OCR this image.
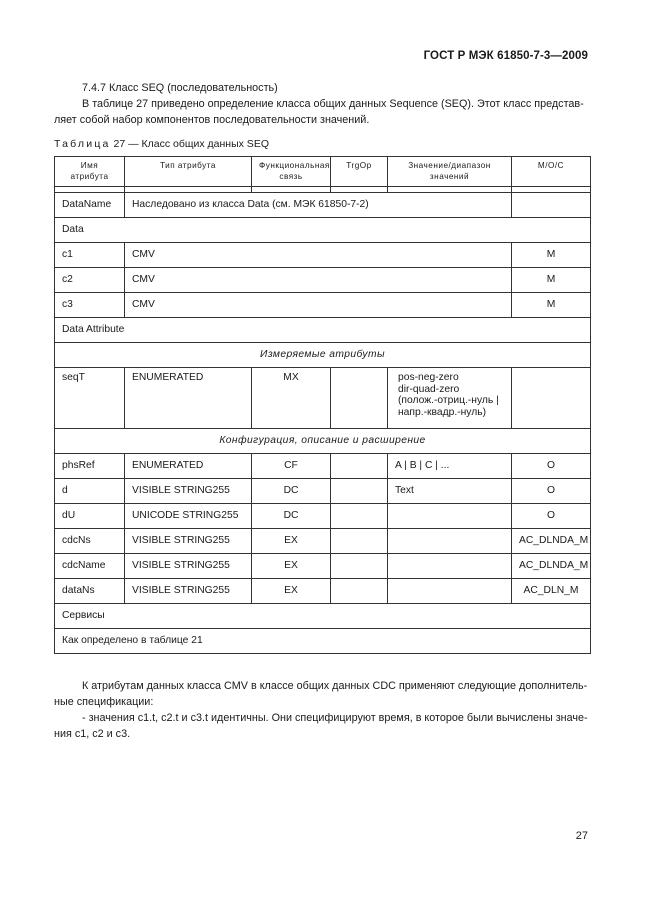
ГОСТ Р МЭК 61850-7-3—2009

7.4.7 Класс SEQ (последовательность)

В таблице 27 приведено определение класса общих данных Sequence (SEQ). Этот класс представ-

ляет собой набор компонентов последовательности значений.

Таблица 27 — Класс общих данных SEQ
Имя атрибута	Тип атрибута	Функциональная связь	TrgOp	Значение/диапазон значений	M/O/C

DataName	Наследовано из класса Data (см. МЭК 61850-7-2)				
Data					
c1	CMV				M
c2	CMV				M
c3	CMV				M
Data Attribute					
Измеряемые атрибуты					
seqT	ENUMERATED	MX		pos-neg-zero
dir-quad-zero
(полож.-отриц.-нуль |
напр.-квадр.-нуль)	

Конфигурация, описание и расширение					
phsRef	ENUMERATED	CF		A | B | C | ...	O
d	VISIBLE STRING255	DC		Text	O
dU	UNICODE STRING255	DC			O
cdcNs	VISIBLE STRING255	EX			AC_DLNDA_M
cdcName	VISIBLE STRING255	EX			AC_DLNDA_M
dataNs	VISIBLE STRING255	EX			AC_DLN_M
Сервисы					
Как определено в таблице 21					

К атрибутам данных класса CMV в классе общих данных CDC применяют следующие дополнитель-

ные спецификации:

- значения c1.t, c2.t и c3.t идентичны. Они специфицируют время, в которое были вычислены значе-

ния c1, c2 и c3.

27
